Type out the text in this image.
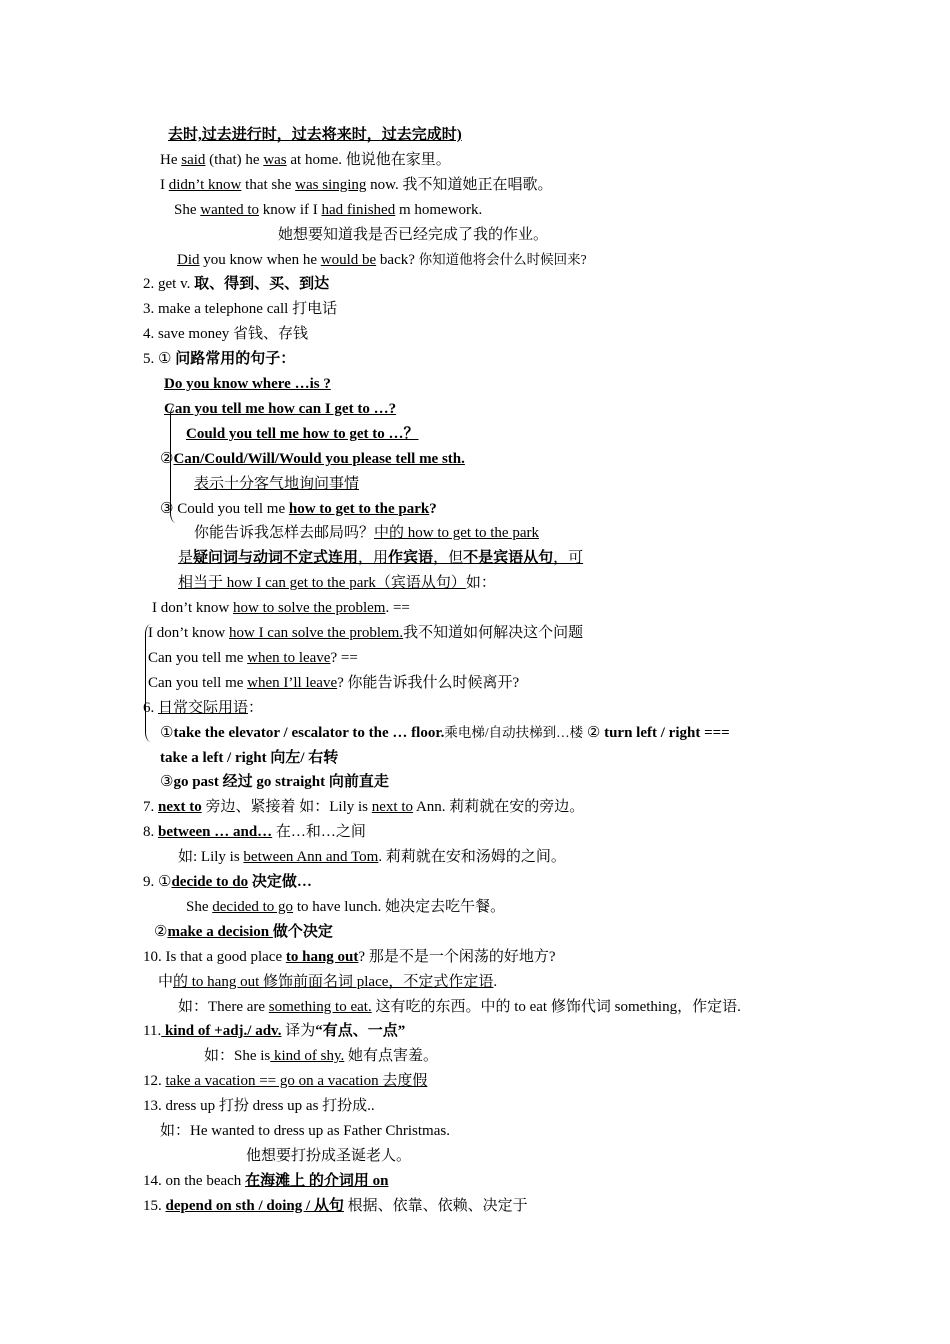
去时,过去进行时，过去将来时，过去完成时)
He said (that) he was at home. 他说他在家里。
I didn’t know that she was singing now. 我不知道她正在唱歌。
She wanted to know if I had finished m homework.
她想要知道我是否已经完成了我的作业。
Did you know when he would be back? 你知道他将会什么时候回来?
2. get v. 取、得到、买、到达
3. make a telephone call 打电话
4. save money 省钱、存钱
5. ① 问路常用的句子：
Do you know where …is ?
Can you tell me how can I get to …?
Could you tell me how to get to …？
②Can/Could/Will/Would you please tell me sth.
表示十分客气地询问事情
③ Could you tell me how to get to the park?
你能告诉我怎样去邮局吗？中的 how to get to the park
是疑问词与动词不定式连用，用作宾语，但不是宾语从句，可
相当于 how I can get to the park（宾语从句）如：
I don’t know how to solve the problem. ==
I don’t know how I can solve the problem.我不知道如何解决这个问题
Can you tell me when to leave? ==
Can you tell me when I’ll leave? 你能告诉我什么时候离开?
6. 日常交际用语：
①take the elevator / escalator to the … floor.乘电梯/自动扶梯到…楼 ② turn left / right ===
take a left / right 向左/ 右转
③go past 经过 go straight 向前直走
7. next to 旁边、紧接着 如：Lily is next to Ann. 莉莉就在安的旁边。
8. between … and… 在…和…之间
如: Lily is between Ann and Tom. 莉莉就在安和汤姆的之间。
9. ①decide to do 决定做…
She decided to go to have lunch. 她决定去吃午餐。
②make a decision 做个决定
10. Is that a good place to hang out? 那是不是一个闲荡的好地方?
中的 to hang out 修饰前面名词 place，不定式作定语.
如：There are something to eat. 这有吃的东西。中的 to eat 修饰代词 something，作定语.
11. kind of +adj./ adv. 译为“有点、一点”
如：She is kind of shy. 她有点害羞。
12. take a vacation == go on a vacation 去度假
13. dress up 打扮 dress up as 打扮成..
如：He wanted to dress up as Father Christmas.
他想要打扮成圣诞老人。
14. on the beach 在海滩上 的介词用 on
15. depend on sth / doing / 从句 根据、依靠、依赖、决定于
